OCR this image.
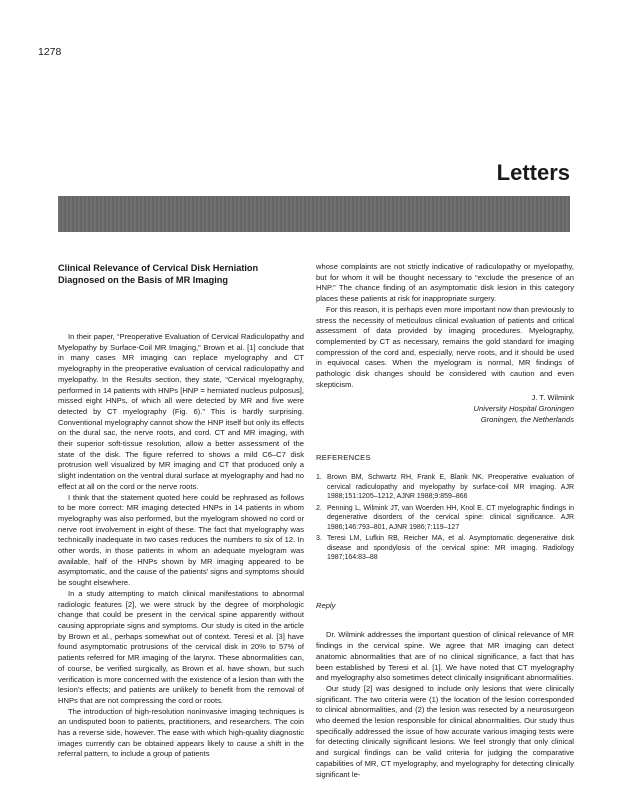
1278
Letters
Clinical Relevance of Cervical Disk Herniation Diagnosed on the Basis of MR Imaging

In their paper, “Preoperative Evaluation of Cervical Radiculopathy and Myelopathy by Surface-Coil MR Imaging,” Brown et al. [1] conclude that in many cases MR imaging can replace myelography and CT myelography in the preoperative evaluation of cervical radiculopathy and myelopathy. In the Results section, they state, “Cervical myelography, performed in 14 patients with HNPs [HNP = herniated nucleus pulposus], missed eight HNPs, of which all were detected by MR and five were detected by CT myelography (Fig. 6).” This is hardly surprising. Conventional myelography cannot show the HNP itself but only its effects on the dural sac, the nerve roots, and cord. CT and MR imaging, with their superior soft-tissue resolution, allow a better assessment of the state of the disk. The figure referred to shows a mild C6–C7 disk protrusion well visualized by MR imaging and CT that produced only a slight indentation on the ventral dural surface at myelography and had no effect at all on the cord or the nerve roots.

I think that the statement quoted here could be rephrased as follows to be more correct: MR imaging detected HNPs in 14 patients in whom myelography was also performed, but the myelogram showed no cord or nerve root involvement in eight of these. The fact that myelography was technically inadequate in two cases reduces the numbers to six of 12. In other words, in those patients in whom an adequate myelogram was available, half of the HNPs shown by MR imaging appeared to be asymptomatic, and the cause of the patients’ signs and symptoms should be sought elsewhere.

In a study attempting to match clinical manifestations to abnormal radiologic features [2], we were struck by the degree of morphologic change that could be present in the cervical spine apparently without causing appropriate signs and symptoms. Our study is cited in the article by Brown et al., perhaps somewhat out of context. Teresi et al. [3] have found asymptomatic protrusions of the cervical disk in 20% to 57% of patients referred for MR imaging of the larynx. These abnormalities can, of course, be verified surgically, as Brown et al. have shown, but such verification is more concerned with the existence of a lesion than with the lesion’s effects; and patients are unlikely to benefit from the removal of HNPs that are not compressing the cord or roots.

The introduction of high-resolution noninvasive imaging techniques is an undisputed boon to patients, practitioners, and researchers. The coin has a reverse side, however. The ease with which high-quality diagnostic images currently can be obtained appears likely to cause a shift in the referral pattern, to include a group of patients

whose complaints are not strictly indicative of radiculopathy or myelopathy, but for whom it will be thought necessary to “exclude the presence of an HNP.” The chance finding of an asymptomatic disk lesion in this category places these patients at risk for inappropriate surgery.

For this reason, it is perhaps even more important now than previously to stress the necessity of meticulous clinical evaluation of patients and critical assessment of data provided by imaging procedures. Myelography, complemented by CT as necessary, remains the gold standard for imaging compression of the cord and, especially, nerve roots, and it should be used in equivocal cases. When the myelogram is normal, MR findings of pathologic disk changes should be considered with caution and even skepticism.

J. T. Wilmink
University Hospital Groningen
Groningen, the Netherlands
REFERENCES
1. Brown BM, Schwartz RH, Frank E, Blank NK. Preoperative evaluation of cervical radiculopathy and myelopathy by surface-coil MR imaging. AJR 1988;151:1205–1212, AJNR 1988;9:859–866
2. Penning L, Wilmink JT, van Woerden HH, Knol E. CT myelographic findings in degenerative disorders of the cervical spine: clinical significance. AJR 1986;146:793–801, AJNR 1986;7:119–127
3. Teresi LM, Lufkin RB, Reicher MA, et al. Asymptomatic degenerative disk disease and spondylosis of the cervical spine: MR imaging. Radiology 1987;164:83–88
Reply

Dr. Wilmink addresses the important question of clinical relevance of MR findings in the cervical spine. We agree that MR imaging can detect anatomic abnormalities that are of no clinical significance, a fact that has been established by Teresi et al. [1]. We have noted that CT myelography and myelography also sometimes detect clinically insignificant abnormalities.

Our study [2] was designed to include only lesions that were clinically significant. The two criteria were (1) the location of the lesion corresponded to clinical abnormalities, and (2) the lesion was resected by a neurosurgeon who deemed the lesion responsible for clinical abnormalities. Our study thus specifically addressed the issue of how accurate various imaging tests were for detecting clinically significant lesions. We feel strongly that only clinical and surgical findings can be valid criteria for judging the comparative capabilities of MR, CT myelography, and myelography for detecting clinically significant le-
